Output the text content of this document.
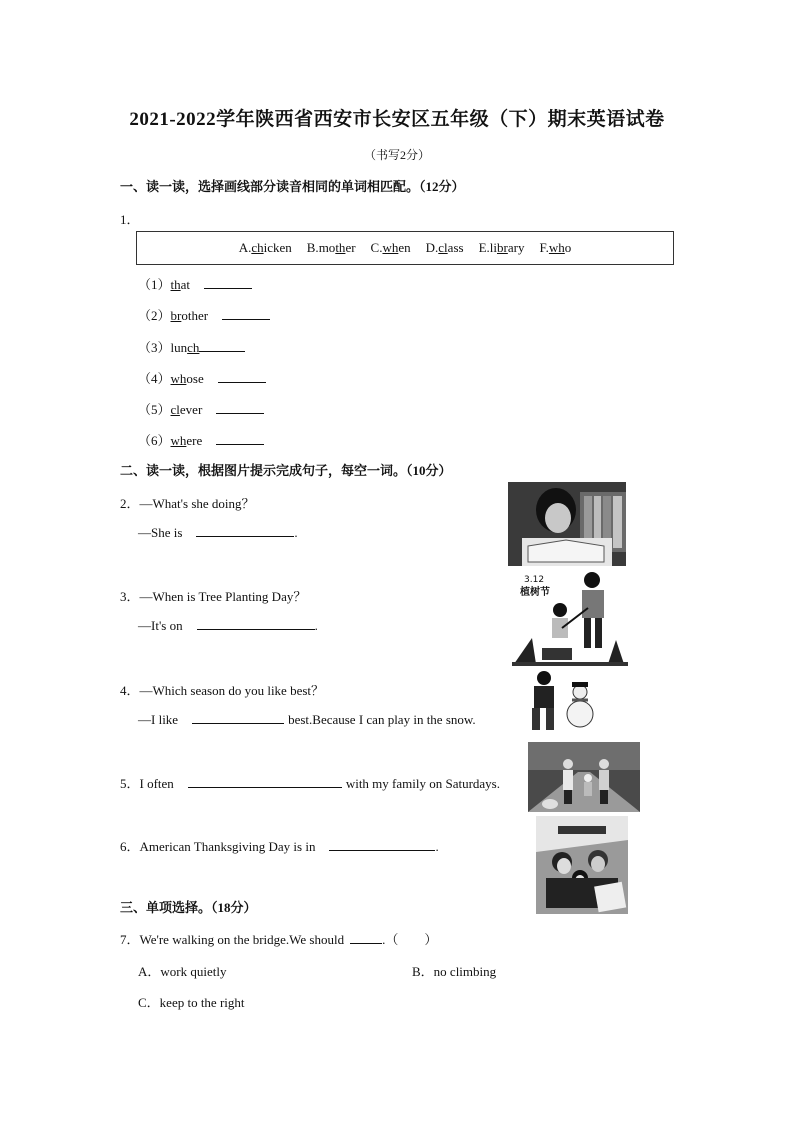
2021-2022学年陕西省西安市长安区五年级（下）期末英语试卷
（书写2分）
一、读一读，选择画线部分读音相同的单词相匹配。（12分）
1．
A.chicken B.mother C.when D.class E.library F.who
（1）that
（2）brother
（3）lunch
（4）whose
（5）clever
（6）where
二、读一读，根据图片提示完成句子，每空一词。（10分）
2．—What's she doing？
—She is	.
3．—When is Tree Planting Day？
—It's on	.
4．—Which season do you like best？
—I like	best.Because I can play in the snow.
5．I often	with my family on Saturdays.
6．American Thanksgiving Day is in	.
3.12
植树节
三、单项选择。（18分）
7．We're walking on the bridge.We should	.（　　）
A．work quietly	B．no climbing
C．keep to the right
